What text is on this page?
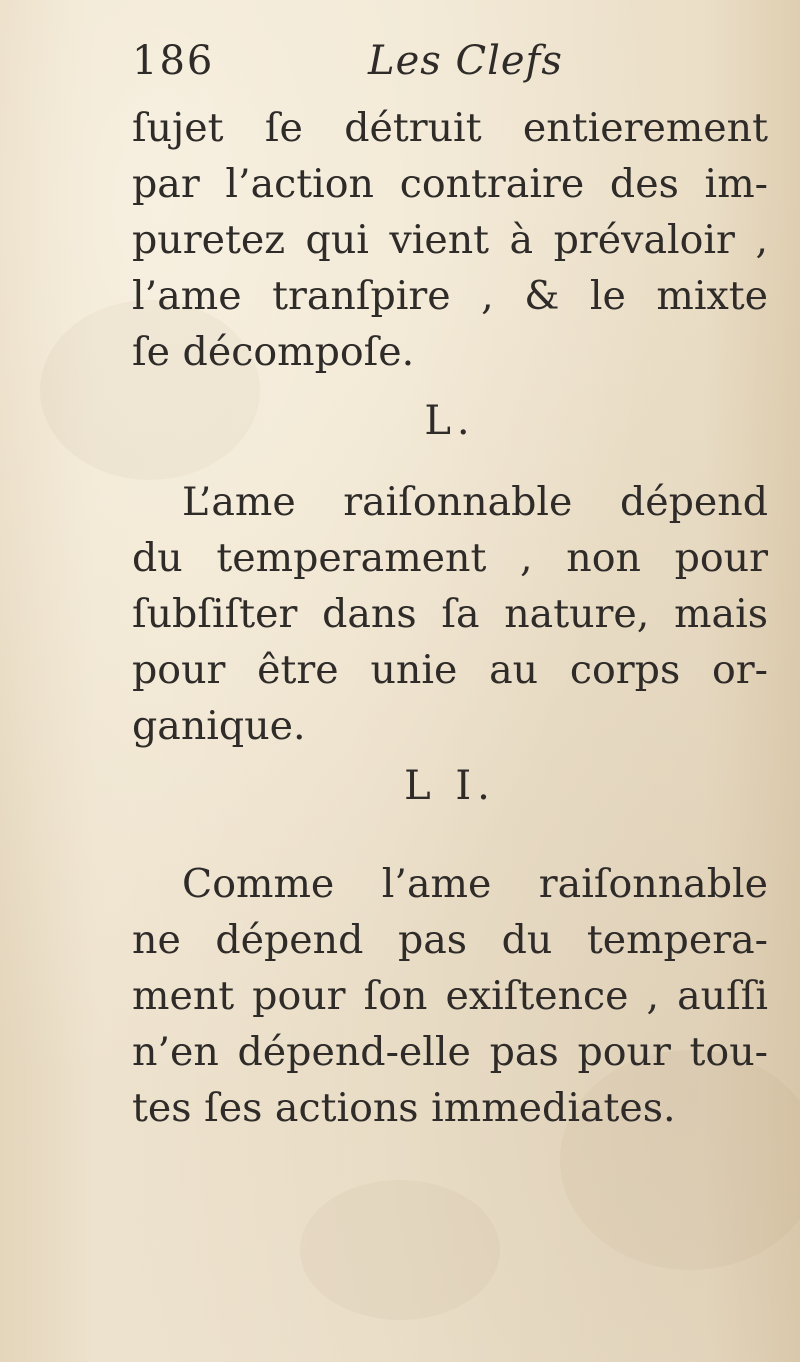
186	Les Clefs
ſujet ſe détruit entierement
par l’action contraire des im-
puretez qui vient à prévaloir ,
l’ame tranſpire , & le mixte
ſe décompoſe.
L.
L’ame raiſonnable dépend
du temperament , non pour
ſubſiſter dans ſa nature, mais
pour être unie au corps or-
ganique.
L I.
Comme l’ame raiſonnable
ne dépend pas du tempera-
ment pour ſon exiſtence , auſſi
n’en dépend-elle pas pour tou-
tes ſes actions immediates.
